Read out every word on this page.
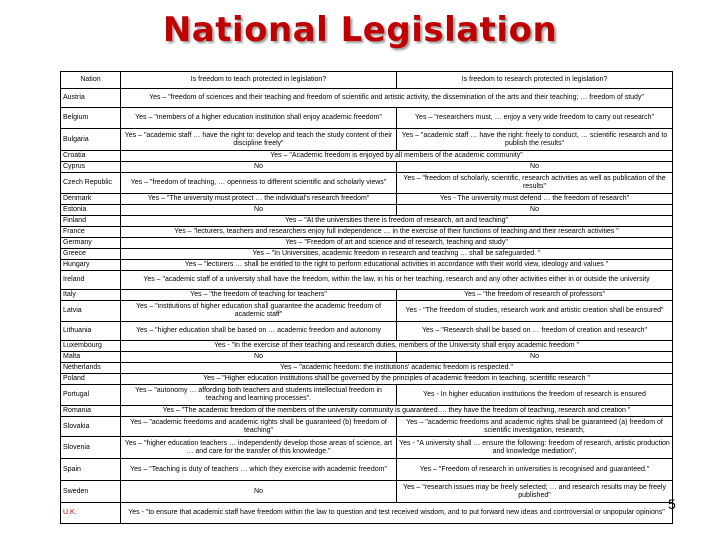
National Legislation
Nation	Is freedom to teach protected in legislation?	Is freedom to research protected in legislation?
Austria	Yes – "freedom of sciences and their teaching and freedom of scientific and artistic activity, the dissemination of the arts and their teaching; … freedom of study"	
Belgium	Yes – "members of a higher education institution shall enjoy academic freedom"	Yes – "researchers must, … enjoy a very wide freedom to carry out research"
Bulgaria	Yes – "academic staff … have the right to: develop and teach the study content of their discipline freely"	Yes – "academic staff … have the right: freely to conduct, … scientific research and to publish the results"
Croatia	Yes – "Academic freedom is enjoyed by all members of the academic community"	
Cyprus	No	No
Czech Republic	Yes – "freedom of teaching, … openness to different scientific and scholarly views"	Yes – "freedom of scholarly, scientific, research activities as well as publication of the results"
Denmark	Yes – "The university must protect … the individual's research freedom"	Yes - The university must defend … the freedom of research"
Estonia	No	No
Finland	Yes – "At the universities there is freedom of research, art and teaching"	
France	Yes – "lecturers, teachers and researchers enjoy full independence … in the exercise of their functions of teaching and their research activities "	
Germany	Yes – "Freedom of art and science and of research, teaching and study"	
Greece	Yes – "In Universities, academic freedom in research and teaching … shall be safeguarded. "	
Hungary	Yes – "lecturers … shall be entitled to the right to perform educational activities in accordance with their world view, ideology and values "	
Ireland	Yes – "academic staff of a university shall have the freedom, within the law, in his or her teaching, research and any other activities either in or outside the university	
Italy	Yes – "the freedom of teaching for teachers"	Yes – "the freedom of research of professors"
Latvia	Yes – "institutions of higher education shall guarantee the academic freedom of academic staff"	Yes - "The freedom of studies, research work and artistic creation shall be ensured"
Lithuania	Yes – "higher education shall be based on … academic freedom and autonomy	Yes – "Research shall be based on … freedom of creation and research"
Luxembourg	Yes - "In the exercise of their teaching and research duties, members of the University shall enjoy academic freedom "	
Malta	No	No
Netherlands	Yes – "academic freedom: the institutions' academic freedom is respected."	
Poland	Yes – "Higher education institutions shall be governed by the principles of academic freedom in teaching, scientific research "	
Portugal	Yes – "autonomy … affording both teachers and students intellectual freedom in teaching and learning processes".	Yes - In higher education institutions the freedom of research is ensured
Romania	Yes – "The academic freedom of the members of the university community is guaranteed…. they have the freedom of teaching, research and creation "	
Slovakia	Yes – "academic freedoms and academic rights shall be guaranteed (b) freedom of teaching"	Yes – "academic freedoms and academic rights shall be guaranteed (a) freedom of scientific investigation, research,
Slovenia	Yes – "higher education teachers … independently develop those areas of science, art … and care for the transfer of this knowledge."	Yes - "A university shall … ensure the following: freedom of research, artistic production and knowledge mediation",
Spain	Yes – "Teaching is duty of teachers … which they exercise with academic freedom"	Yes – "Freedom of research in universities is recognised and guaranteed."
Sweden	No	Yes – "research issues may be freely selected; … and research results may be freely published"
U.K.	Yes - "to ensure that academic staff have freedom within the law to question and test received wisdom, and to put forward new ideas and controversial or unpopular opinions"	
5
